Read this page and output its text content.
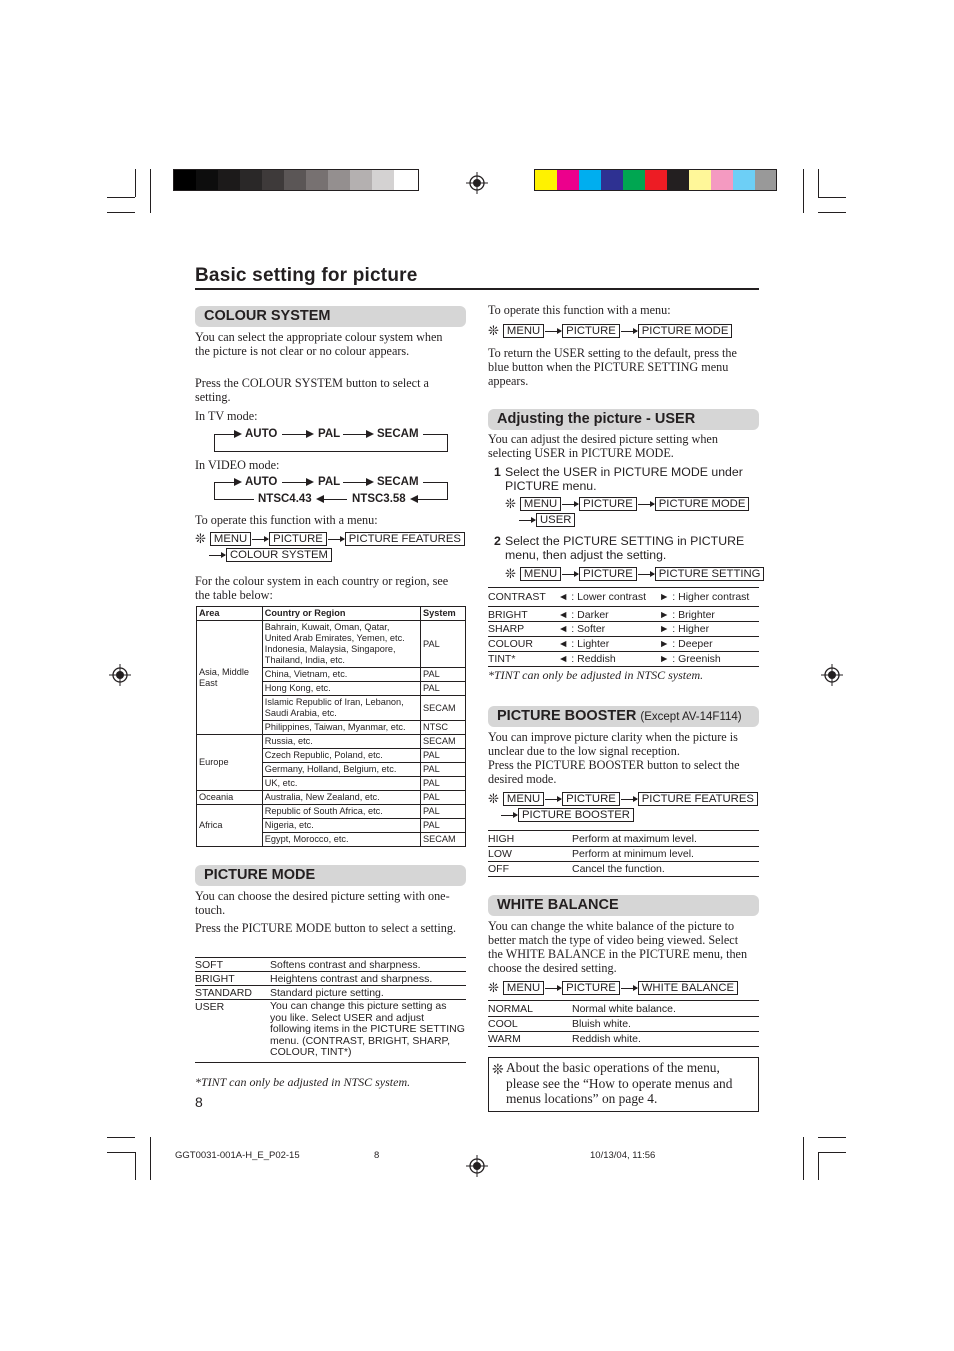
Basic setting for picture
COLOUR SYSTEM
You can select the appropriate colour system when the picture is not clear or no colour appears.
Press the COLOUR SYSTEM button to select a setting.
In TV mode:
AUTO	PAL	SECAM
In VIDEO mode:
AUTO	PAL	SECAM
NTSC3.58
NTSC4.43
To operate this function with a menu:
❊ MENU	PICTURE	PICTURE FEATURES
COLOUR SYSTEM
For the colour system in each country or region, see the table below:
Area	Country or Region	System
Asia, Middle East	Bahrain, Kuwait, Oman, Qatar, United Arab Emirates, Yemen, etc. Indonesia, Malaysia, Singapore, Thailand, India, etc.	PAL
	China, Vietnam, etc.	PAL
	Hong Kong, etc.	PAL
	Islamic Republic of Iran, Lebanon, Saudi Arabia, etc.	SECAM
	Philippines, Taiwan, Myanmar, etc.	NTSC
Europe	Russia, etc.	SECAM
	Czech Republic, Poland, etc.	PAL
	Germany, Holland, Belgium, etc.	PAL
	UK, etc.	PAL
Oceania	Australia, New Zealand, etc.	PAL
Africa	Republic of South Africa, etc.	PAL
	Nigeria, etc.	PAL
	Egypt, Morocco, etc.	SECAM
PICTURE MODE
You can choose the desired picture setting with one-touch.
Press the PICTURE MODE button to select a setting.
SOFT	Softens contrast and sharpness.
BRIGHT	Heightens contrast and sharpness.
STANDARD	Standard picture setting.
USER	You can change this picture setting as you like. Select USER and adjust following items in the PICTURE SETTING menu. (CONTRAST, BRIGHT, SHARP, COLOUR, TINT*)
*TINT can only be adjusted in NTSC system.
8
To operate this function with a menu:
❊ MENU	PICTURE	PICTURE MODE
To return the USER setting to the default, press the blue button when the PICTURE SETTING menu appears.
Adjusting the picture - USER
You can adjust the desired picture setting when selecting USER in PICTURE MODE.
1 Select the USER in PICTURE MODE under PICTURE menu.
❊ MENU	PICTURE	PICTURE MODE
USER
2 Select the PICTURE SETTING in PICTURE menu, then adjust the setting.
❊ MENU	PICTURE	PICTURE SETTING
CONTRAST	◄ : Lower contrast	► : Higher contrast
BRIGHT	◄ : Darker	► : Brighter
SHARP	◄ : Softer	► : Higher
COLOUR	◄ : Lighter	► : Deeper
TINT*	◄ : Reddish	► : Greenish
*TINT can only be adjusted in NTSC system.
PICTURE BOOSTER (Except AV-14F114)
You can improve picture clarity when the picture is unclear due to the low signal reception.
Press the PICTURE BOOSTER button to select the desired mode.
❊ MENU	PICTURE	PICTURE FEATURES
PICTURE BOOSTER
HIGH	Perform at maximum level.
LOW	Perform at minimum level.
OFF	Cancel the function.
WHITE BALANCE
You can change the white balance of the picture to better match the type of video being viewed. Select the WHITE BALANCE in the PICTURE menu, then choose the desired setting.
❊ MENU	PICTURE	WHITE BALANCE
NORMAL	Normal white balance.
COOL	Bluish white.
WARM	Reddish white.
❊ About the basic operations of the menu, please see the “How to operate menus and menus locations” on page 4.
GGT0031-001A-H_E_P02-15	8	10/13/04, 11:56
